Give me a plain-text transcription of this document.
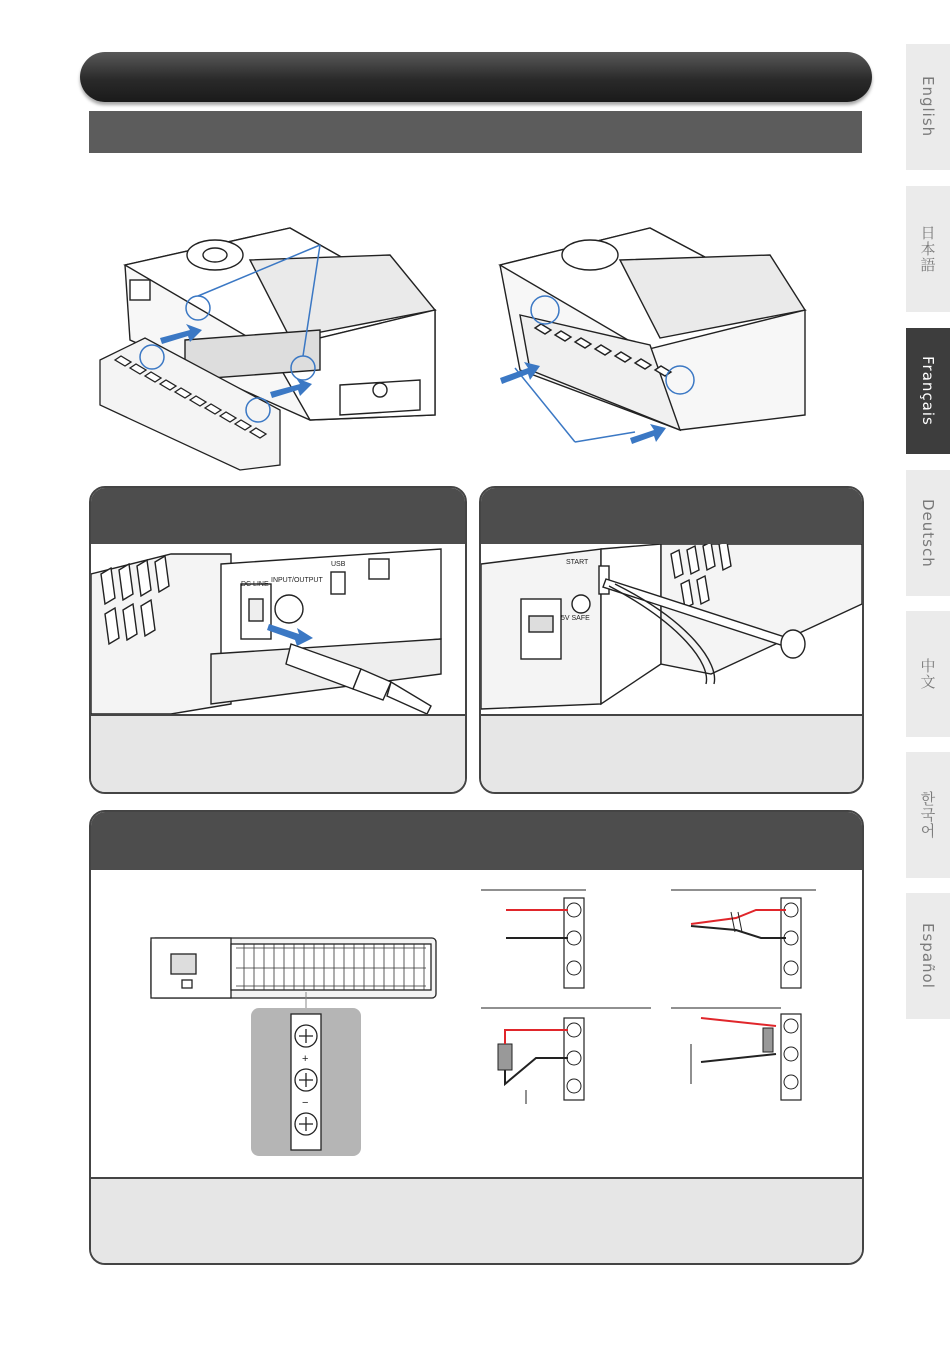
English
日本語
Français
Deutsch
中文
한국어
Español
DC LINE
INPUT/OUTPUT
USB	START
5V SAFE
+
−
